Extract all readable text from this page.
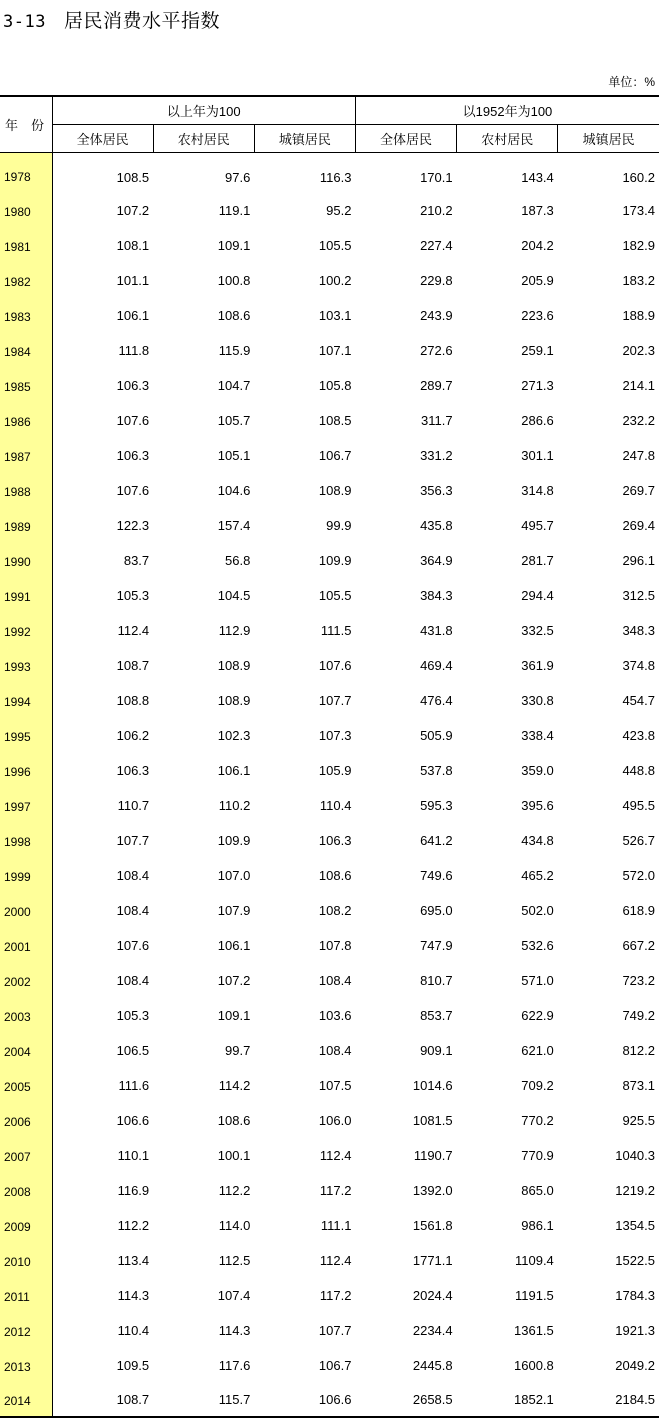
3-13 居民消费水平指数
单位：%
年　份	以上年为100			以1952年为100		
	全体居民	农村居民	城镇居民	全体居民	农村居民	城镇居民
1978	108.5	97.6	116.3	170.1	143.4	160.2
1980	107.2	119.1	95.2	210.2	187.3	173.4
1981	108.1	109.1	105.5	227.4	204.2	182.9
1982	101.1	100.8	100.2	229.8	205.9	183.2
1983	106.1	108.6	103.1	243.9	223.6	188.9
1984	111.8	115.9	107.1	272.6	259.1	202.3
1985	106.3	104.7	105.8	289.7	271.3	214.1
1986	107.6	105.7	108.5	311.7	286.6	232.2
1987	106.3	105.1	106.7	331.2	301.1	247.8
1988	107.6	104.6	108.9	356.3	314.8	269.7
1989	122.3	157.4	99.9	435.8	495.7	269.4
1990	83.7	56.8	109.9	364.9	281.7	296.1
1991	105.3	104.5	105.5	384.3	294.4	312.5
1992	112.4	112.9	111.5	431.8	332.5	348.3
1993	108.7	108.9	107.6	469.4	361.9	374.8
1994	108.8	108.9	107.7	476.4	330.8	454.7
1995	106.2	102.3	107.3	505.9	338.4	423.8
1996	106.3	106.1	105.9	537.8	359.0	448.8
1997	110.7	110.2	110.4	595.3	395.6	495.5
1998	107.7	109.9	106.3	641.2	434.8	526.7
1999	108.4	107.0	108.6	749.6	465.2	572.0
2000	108.4	107.9	108.2	695.0	502.0	618.9
2001	107.6	106.1	107.8	747.9	532.6	667.2
2002	108.4	107.2	108.4	810.7	571.0	723.2
2003	105.3	109.1	103.6	853.7	622.9	749.2
2004	106.5	99.7	108.4	909.1	621.0	812.2
2005	111.6	114.2	107.5	1014.6	709.2	873.1
2006	106.6	108.6	106.0	1081.5	770.2	925.5
2007	110.1	100.1	112.4	1190.7	770.9	1040.3
2008	116.9	112.2	117.2	1392.0	865.0	1219.2
2009	112.2	114.0	111.1	1561.8	986.1	1354.5
2010	113.4	112.5	112.4	1771.1	1109.4	1522.5
2011	114.3	107.4	117.2	2024.4	1191.5	1784.3
2012	110.4	114.3	107.7	2234.4	1361.5	1921.3
2013	109.5	117.6	106.7	2445.8	1600.8	2049.2
2014	108.7	115.7	106.6	2658.5	1852.1	2184.5
